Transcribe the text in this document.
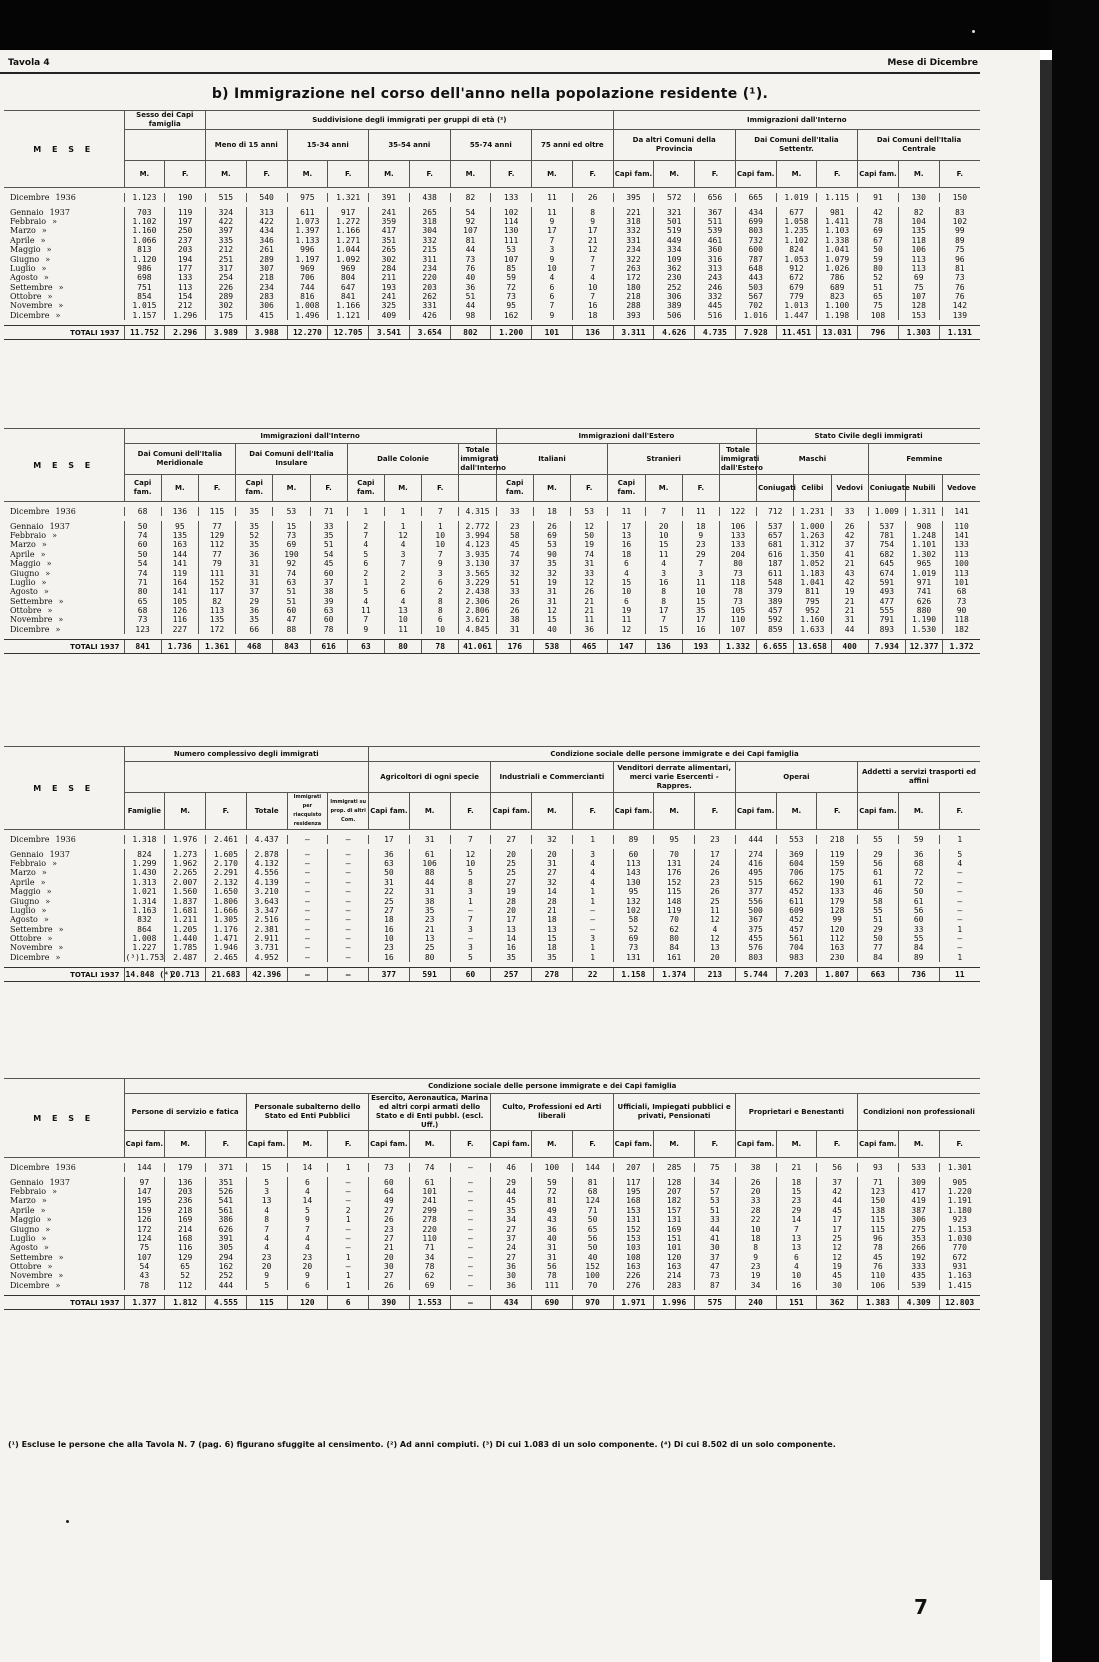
Tavola 4	Mese di Dicembre
b) Immigrazione nel corso dell'anno nella popolazione residente (¹).
M E S E	Sesso dei Capi famiglia		Suddivisione degli immigrati per gruppi di età (²)										Immigrazioni dall'Interno								
			Meno di 15 anni		15-34 anni		35-54 anni		55-74 anni		75 anni ed oltre		Da altri Comuni della Provincia			Dai Comuni dell'Italia Settentr.			Dai Comuni dell'Italia Centrale		
	M.	F.	M.	F.	M.	F.	M.	F.	M.	F.	M.	F.	Capi fam.	M.	F.	Capi fam.	M.	F.	Capi fam.	M.	F.

Dicembre 1936	1.123	190	515	540	975	1.321	391	438	82	133	11	26	395	572	656	665	1.019	1.115	91	130	150

Gennaio 1937	703	119	324	313	611	917	241	265	54	102	11	8	221	321	367	434	677	981	42	82	83
Febbraio »	1.102	197	422	422	1.073	1.272	359	318	92	114	9	9	318	501	511	699	1.058	1.411	78	104	102
Marzo »	1.160	250	397	434	1.397	1.166	417	304	107	130	17	17	332	519	539	803	1.235	1.103	69	135	99
Aprile »	1.066	237	335	346	1.133	1.271	351	332	81	111	7	21	331	449	461	732	1.102	1.338	67	118	89
Maggio »	813	203	212	261	996	1.044	265	215	44	53	3	12	234	334	360	600	824	1.041	50	106	75
Giugno »	1.120	194	251	289	1.197	1.092	302	311	73	107	9	7	322	109	316	787	1.053	1.079	59	113	96
Luglio »	986	177	317	307	969	969	284	234	76	85	10	7	263	362	313	648	912	1.026	80	113	81
Agosto »	698	133	254	218	706	804	211	220	40	59	4	4	172	230	243	443	672	786	52	69	73
Settembre »	751	113	226	234	744	647	193	203	36	72	6	10	180	252	246	503	679	689	51	75	76
Ottobre »	854	154	289	283	816	841	241	262	51	73	6	7	218	306	332	567	779	823	65	107	76
Novembre »	1.015	212	302	306	1.008	1.166	325	331	44	95	7	16	288	389	445	702	1.013	1.100	75	128	142
Dicembre »	1.157	1.296	175	415	1.496	1.121	409	426	98	162	9	18	393	506	516	1.016	1.447	1.198	108	153	139

TOTALI 1937	11.752	2.296	3.989	3.988	12.270	12.705	3.541	3.654	802	1.200	101	136	3.311	4.626	4.735	7.928	11.451	13.031	796	1.303	1.131
M E S E	Immigrazioni dall'Interno										Immigrazioni dall'Estero							Stato Civile degli immigrati					
	Dai Comuni dell'Italia Meridionale			Dai Comuni dell'Italia Insulare			Dalle Colonie			Totale immigrati dall'Interno	Italiani			Stranieri			Totale immigrati dall'Estero	Maschi			Femmine		
	Capi fam.	M.	F.	Capi fam.	M.	F.	Capi fam.	M.	F.		Capi fam.	M.	F.	Capi fam.	M.	F.		Coniugati	Celibi	Vedovi	Coniugate	Nubili	Vedove

Dicembre 1936	68	136	115	35	53	71	1	1	7	4.315	33	18	53	11	7	11	122	712	1.231	33	1.009	1.311	141

Gennaio 1937	50	95	77	35	15	33	2	1	1	2.772	23	26	12	17	20	18	106	537	1.000	26	537	908	110
Febbraio »	74	135	129	52	73	35	7	12	10	3.994	58	69	50	13	10	9	133	657	1.263	42	781	1.248	141
Marzo »	60	163	112	35	69	51	4	4	10	4.123	45	53	19	16	15	23	133	681	1.312	37	754	1.101	133
Aprile »	50	144	77	36	190	54	5	3	7	3.935	74	90	74	18	11	29	204	616	1.350	41	682	1.302	113
Maggio »	54	141	79	31	92	45	6	7	9	3.130	37	35	31	6	4	7	80	187	1.052	21	645	965	100
Giugno »	74	119	111	31	74	60	2	2	3	3.565	32	32	33	4	3	3	73	611	1.183	43	674	1.019	113
Luglio »	71	164	152	31	63	37	1	2	6	3.229	51	19	12	15	16	11	118	548	1.041	42	591	971	101
Agosto »	80	141	117	37	51	38	5	6	2	2.438	33	31	26	10	8	10	78	379	811	19	493	741	68
Settembre »	65	105	82	29	51	39	4	4	8	2.306	26	31	21	6	8	15	73	389	795	21	477	626	73
Ottobre »	68	126	113	36	60	63	11	13	8	2.806	26	12	21	19	17	35	105	457	952	21	555	880	90
Novembre »	73	116	135	35	47	60	7	10	6	3.621	38	15	11	11	7	17	110	592	1.160	31	791	1.190	118
Dicembre »	123	227	172	66	88	78	9	11	10	4.845	31	40	36	12	15	16	107	859	1.633	44	893	1.530	182

TOTALI 1937	841	1.736	1.361	468	843	616	63	80	78	41.061	176	538	465	147	136	193	1.332	6.655	13.658	400	7.934	12.377	1.372
M E S E	Numero complessivo degli immigrati						Condizione sociale delle persone immigrate e dei Capi famiglia														
							Agricoltori di ogni specie			Industriali e Commercianti			Venditori derrate alimentari, merci varie Esercenti - Rappres.			Operai			Addetti a servizi trasporti ed affini		
	Famiglie	M.	F.	Totale	Immigrati per riacquisto residenza	Immigrati su prop. di altri Com.	Capi fam.	M.	F.	Capi fam.	M.	F.	Capi fam.	M.	F.	Capi fam.	M.	F.	Capi fam.	M.	F.

Dicembre 1936	1.318	1.976	2.461	4.437	—	—	17	31	7	27	32	1	89	95	23	444	553	218	55	59	1

Gennaio 1937	824	1.273	1.605	2.878	—	—	36	61	12	20	20	3	60	70	17	274	369	119	29	36	5
Febbraio »	1.299	1.962	2.170	4.132	—	—	63	106	10	25	31	4	113	131	24	416	604	159	56	68	4
Marzo »	1.430	2.265	2.291	4.556	—	—	50	88	5	25	27	4	143	176	26	495	706	175	61	72	—
Aprile »	1.313	2.007	2.132	4.139	—	—	31	44	8	27	32	4	130	152	23	515	662	190	61	72	—
Maggio »	1.021	1.560	1.650	3.210	—	—	22	31	3	19	14	1	95	115	26	377	452	133	46	50	—
Giugno »	1.314	1.837	1.806	3.643	—	—	25	38	1	28	28	1	132	148	25	556	611	179	58	61	—
Luglio »	1.163	1.681	1.666	3.347	—	—	27	35	—	20	21	—	102	119	11	500	609	128	55	56	—
Agosto »	832	1.211	1.305	2.516	—	—	18	23	7	17	18	—	58	70	12	367	452	99	51	60	—
Settembre »	864	1.205	1.176	2.381	—	—	16	21	3	13	13	—	52	62	4	375	457	120	29	33	1
Ottobre »	1.008	1.440	1.471	2.911	—	—	10	13	—	14	15	3	69	80	12	455	561	112	50	55	—
Novembre »	1.227	1.785	1.946	3.731	—	—	23	25	3	16	18	1	73	84	13	576	704	163	77	84	—
Dicembre »	(³)1.753	2.487	2.465	4.952	—	—	16	80	5	35	35	1	131	161	20	803	983	230	84	89	1

TOTALI 1937	14.848 (⁴)	20.713	21.683	42.396	—	—	377	591	60	257	278	22	1.158	1.374	213	5.744	7.203	1.807	663	736	11
M E S E	Condizione sociale delle persone immigrate e dei Capi famiglia																				
	Persone di servizio e fatica			Personale subalterno dello Stato ed Enti Pubblici			Esercito, Aeronautica, Marina ed altri corpi armati dello Stato e di Enti pubbl. (escl. Uff.)			Culto, Professioni ed Arti liberali			Ufficiali, Impiegati pubblici e privati, Pensionati			Proprietari e Benestanti			Condizioni non professionali		
	Capi fam.	M.	F.	Capi fam.	M.	F.	Capi fam.	M.	F.	Capi fam.	M.	F.	Capi fam.	M.	F.	Capi fam.	M.	F.	Capi fam.	M.	F.

Dicembre 1936	144	179	371	15	14	1	73	74	—	46	100	144	207	285	75	38	21	56	93	533	1.301

Gennaio 1937	97	136	351	5	6	—	60	61	—	29	59	81	117	128	34	26	18	37	71	309	905
Febbraio »	147	203	526	3	4	—	64	101	—	44	72	68	195	207	57	20	15	42	123	417	1.220
Marzo »	195	236	541	13	14	—	49	241	—	45	81	124	168	182	53	33	23	44	150	419	1.191
Aprile »	159	218	561	4	5	2	27	299	—	35	49	71	153	157	51	28	29	45	138	387	1.180
Maggio »	126	169	386	8	9	1	26	278	—	34	43	50	131	131	33	22	14	17	115	306	923
Giugno »	172	214	626	7	7	—	23	220	—	27	36	65	152	169	44	10	7	17	115	275	1.153
Luglio »	124	168	391	4	4	—	27	110	—	37	40	56	153	151	41	18	13	25	96	353	1.030
Agosto »	75	116	305	4	4	—	21	71	—	24	31	50	103	101	30	8	13	12	78	266	770
Settembre »	107	129	294	23	23	1	20	34	—	27	31	40	108	120	37	9	6	12	45	192	672
Ottobre »	54	65	162	20	20	—	30	78	—	36	56	152	163	163	47	23	4	19	76	333	931
Novembre »	43	52	252	9	9	1	27	62	—	30	78	100	226	214	73	19	10	45	110	435	1.163
Dicembre »	78	112	444	5	6	1	26	69	—	36	111	70	276	283	87	34	16	30	106	539	1.415

TOTALI 1937	1.377	1.812	4.555	115	120	6	390	1.553	—	434	690	970	1.971	1.996	575	240	151	362	1.383	4.309	12.803
(¹) Escluse le persone che alla Tavola N. 7 (pag. 6) figurano sfuggite al censimento. (²) Ad anni compiuti. (³) Di cui 1.083 di un solo componente. (⁴) Di cui 8.502 di un solo componente.
7
